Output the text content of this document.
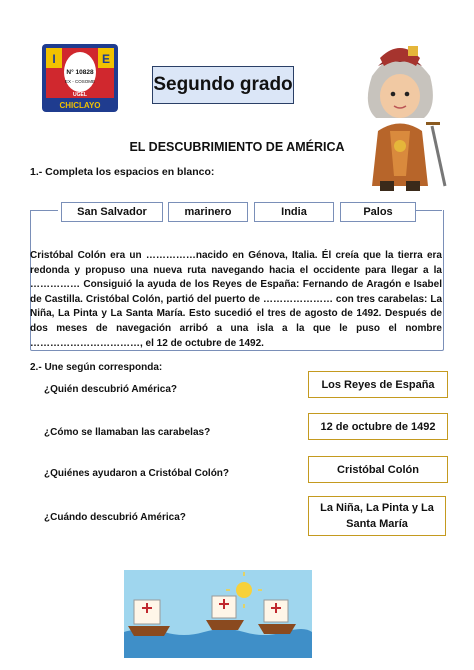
I	E
N° 10828
EX - COSOME
UGEL
CHICLAYO
Segundo grado
EL DESCUBRIMIENTO DE AMÉRICA
1.- Completa los espacios en blanco:
San Salvador	marinero	India	Palos
Cristóbal Colón era un ……………nacido en Génova, Italia. Él creía que la tierra era redonda y propuso una nueva ruta navegando hacia el occidente para llegar a la …………… Consiguió la ayuda de los Reyes de España: Fernando de Aragón e Isabel de Castilla. Cristóbal Colón, partió del puerto de ………………… con tres carabelas: La Niña, La Pinta y La Santa María. Esto sucedió el tres de agosto de 1492. Después de dos meses de navegación arribó a una isla a la que le puso el nombre ……………………………, el 12 de octubre de 1492.
2.- Une según corresponda:
¿Quién descubrió América?
¿Cómo se llamaban las carabelas?
¿Quiénes ayudaron a Cristóbal Colón?
¿Cuándo descubrió América?
Los Reyes de España
12 de octubre de 1492
Cristóbal Colón
La Niña, La Pinta y La Santa María
